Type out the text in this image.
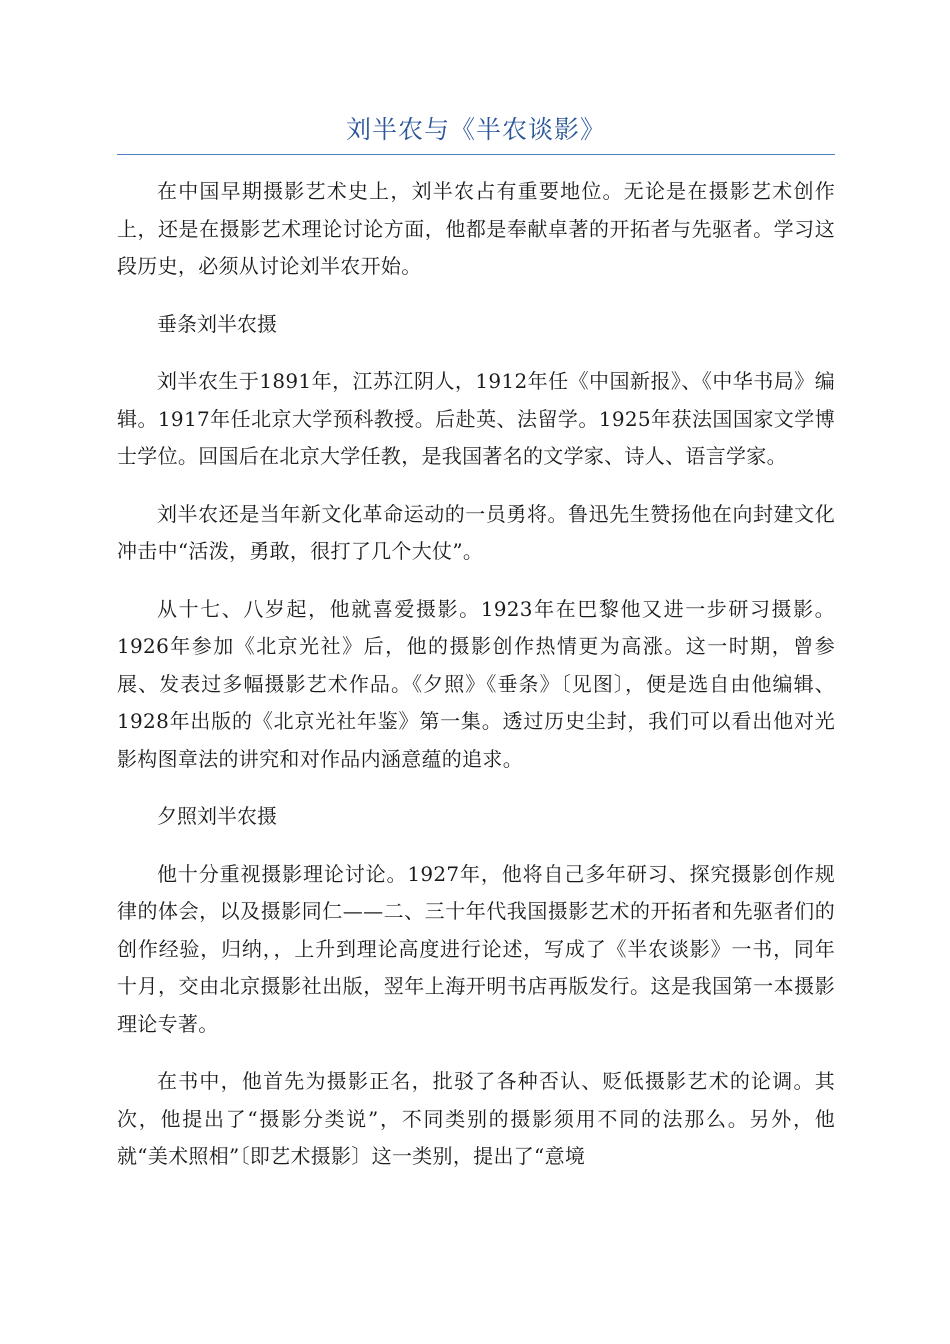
刘半农与《半农谈影》

在中国早期摄影艺术史上，刘半农占有重要地位。无论是在摄影艺术创作上，还是在摄影艺术理论讨论方面，他都是奉献卓著的开拓者与先驱者。学习这段历史，必须从讨论刘半农开始。

垂条刘半农摄

刘半农生于1891年，江苏江阴人，1912年任《中国新报》、《中华书局》编辑。1917年任北京大学预科教授。后赴英、法留学。1925年获法国国家文学博士学位。回国后在北京大学任教，是我国著名的文学家、诗人、语言学家。

刘半农还是当年新文化革命运动的一员勇将。鲁迅先生赞扬他在向封建文化冲击中“活泼，勇敢，很打了几个大仗”。

从十七、八岁起，他就喜爱摄影。1923年在巴黎他又进一步研习摄影。1926年参加《北京光社》后，他的摄影创作热情更为高涨。这一时期，曾参展、发表过多幅摄影艺术作品。《夕照》《垂条》〔见图〕，便是选自由他编辑、1928年出版的《北京光社年鉴》第一集。透过历史尘封，我们可以看出他对光影构图章法的讲究和对作品内涵意蕴的追求。

夕照刘半农摄

他十分重视摄影理论讨论。1927年，他将自己多年研习、探究摄影创作规律的体会，以及摄影同仁——二、三十年代我国摄影艺术的开拓者和先驱者们的创作经验，归纳，，上升到理论高度进行论述，写成了《半农谈影》一书，同年十月，交由北京摄影社出版，翌年上海开明书店再版发行。这是我国第一本摄影理论专著。

在书中，他首先为摄影正名，批驳了各种否认、贬低摄影艺术的论调。其次，他提出了“摄影分类说”，不同类别的摄影须用不同的法那么。另外，他就“美术照相”〔即艺术摄影〕这一类别，提出了“意境
